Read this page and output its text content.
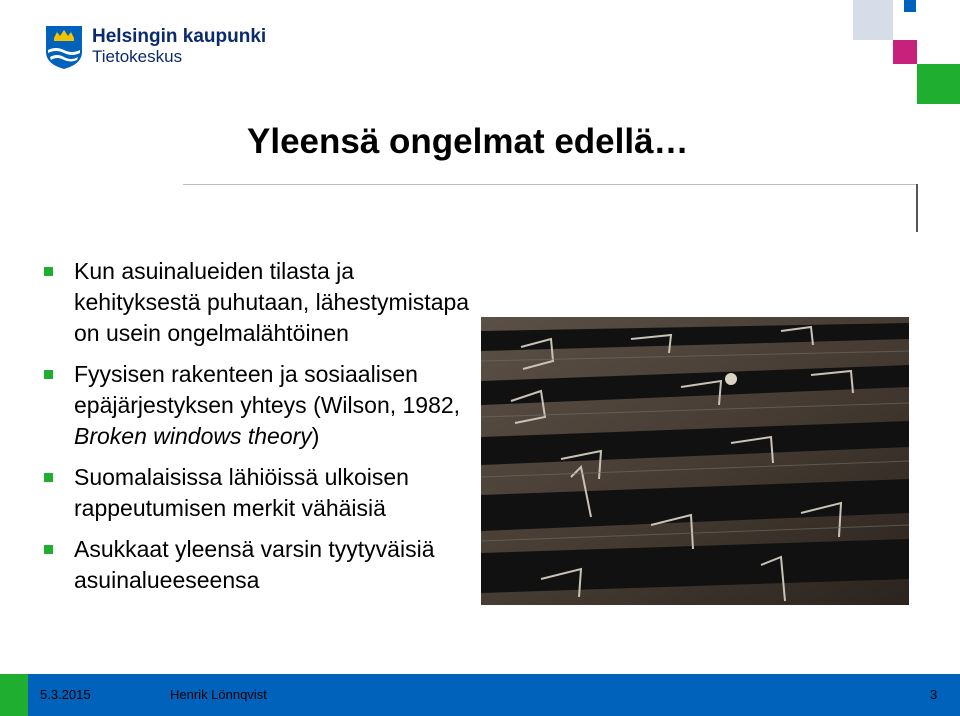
Helsingin kaupunki
Tietokeskus
Yleensä ongelmat edellä…
Kun asuinalueiden tilasta ja kehityksestä puhutaan, lähestymistapa on usein ongelmalähtöinen
Fyysisen rakenteen ja sosiaalisen epäjärjestyksen yhteys (Wilson, 1982, Broken windows theory)
Suomalaisissa lähiöissä ulkoisen rappeutumisen merkit vähäisiä
Asukkaat yleensä varsin tyytyväisiä asuinalueeseensa
5.3.2015	Henrik Lönnqvist	3
